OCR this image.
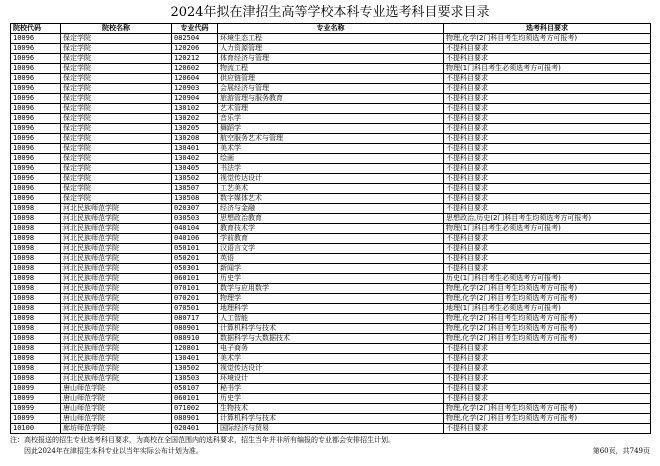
2024年拟在津招生高等学校本科专业选考科目要求目录
院校代码	院校名称	专业代码	专业名称	选考科目要求
10096	保定学院	082504	环境生态工程	物理,化学(2门科目考生均须选考方可报考)
10096	保定学院	120206	人力资源管理	不提科目要求
10096	保定学院	120212	体育经济与管理	不提科目要求
10096	保定学院	120602	物流工程	物理(1门科目考生必须选考方可报考)
10096	保定学院	120604	供应链管理	不提科目要求
10096	保定学院	120903	会展经济与管理	不提科目要求
10096	保定学院	120904	旅游管理与服务教育	不提科目要求
10096	保定学院	130102	艺术管理	不提科目要求
10096	保定学院	130202	音乐学	不提科目要求
10096	保定学院	130205	舞蹈学	不提科目要求
10096	保定学院	130208	航空服务艺术与管理	不提科目要求
10096	保定学院	130401	美术学	不提科目要求
10096	保定学院	130402	绘画	不提科目要求
10096	保定学院	130405	书法学	不提科目要求
10096	保定学院	130502	视觉传达设计	不提科目要求
10096	保定学院	130507	工艺美术	不提科目要求
10096	保定学院	130508	数字媒体艺术	不提科目要求
10098	河北民族师范学院	020307	经济与金融	不提科目要求
10098	河北民族师范学院	030503	思想政治教育	思想政治,历史(2门科目考生均须选考方可报考)
10098	河北民族师范学院	040104	教育技术学	物理(1门科目考生必须选考方可报考)
10098	河北民族师范学院	040106	学前教育	不提科目要求
10098	河北民族师范学院	050101	汉语言文学	不提科目要求
10098	河北民族师范学院	050201	英语	不提科目要求
10098	河北民族师范学院	050301	新闻学	不提科目要求
10098	河北民族师范学院	060101	历史学	历史(1门科目考生必须选考方可报考)
10098	河北民族师范学院	070101	数学与应用数学	物理,化学(2门科目考生均须选考方可报考)
10098	河北民族师范学院	070201	物理学	物理,化学(2门科目考生均须选考方可报考)
10098	河北民族师范学院	070501	地理科学	地理(1门科目考生必须选考方可报考)
10098	河北民族师范学院	080717	人工智能	物理,化学(2门科目考生均须选考方可报考)
10098	河北民族师范学院	080901	计算机科学与技术	物理,化学(2门科目考生均须选考方可报考)
10098	河北民族师范学院	080910	数据科学与大数据技术	物理,化学(2门科目考生均须选考方可报考)
10098	河北民族师范学院	120801	电子商务	不提科目要求
10098	河北民族师范学院	130401	美术学	不提科目要求
10098	河北民族师范学院	130502	视觉传达设计	不提科目要求
10098	河北民族师范学院	130503	环境设计	不提科目要求
10099	唐山师范学院	050107	秘书学	不提科目要求
10099	唐山师范学院	060101	历史学	不提科目要求
10099	唐山师范学院	071002	生物技术	物理,化学(2门科目考生均须选考方可报考)
10099	唐山师范学院	080901	计算机科学与技术	物理,化学(2门科目考生均须选考方可报考)
10100	廊坊师范学院	020401	国际经济与贸易	不提科目要求
注：高校报送的招生专业选考科目要求，为高校在全国范围内的选科要求，招生当年并非所有编报的专业都会安排招生计划。
因此2024年在津招生本科专业以当年实际公布计划为准。	第60页，共749页
